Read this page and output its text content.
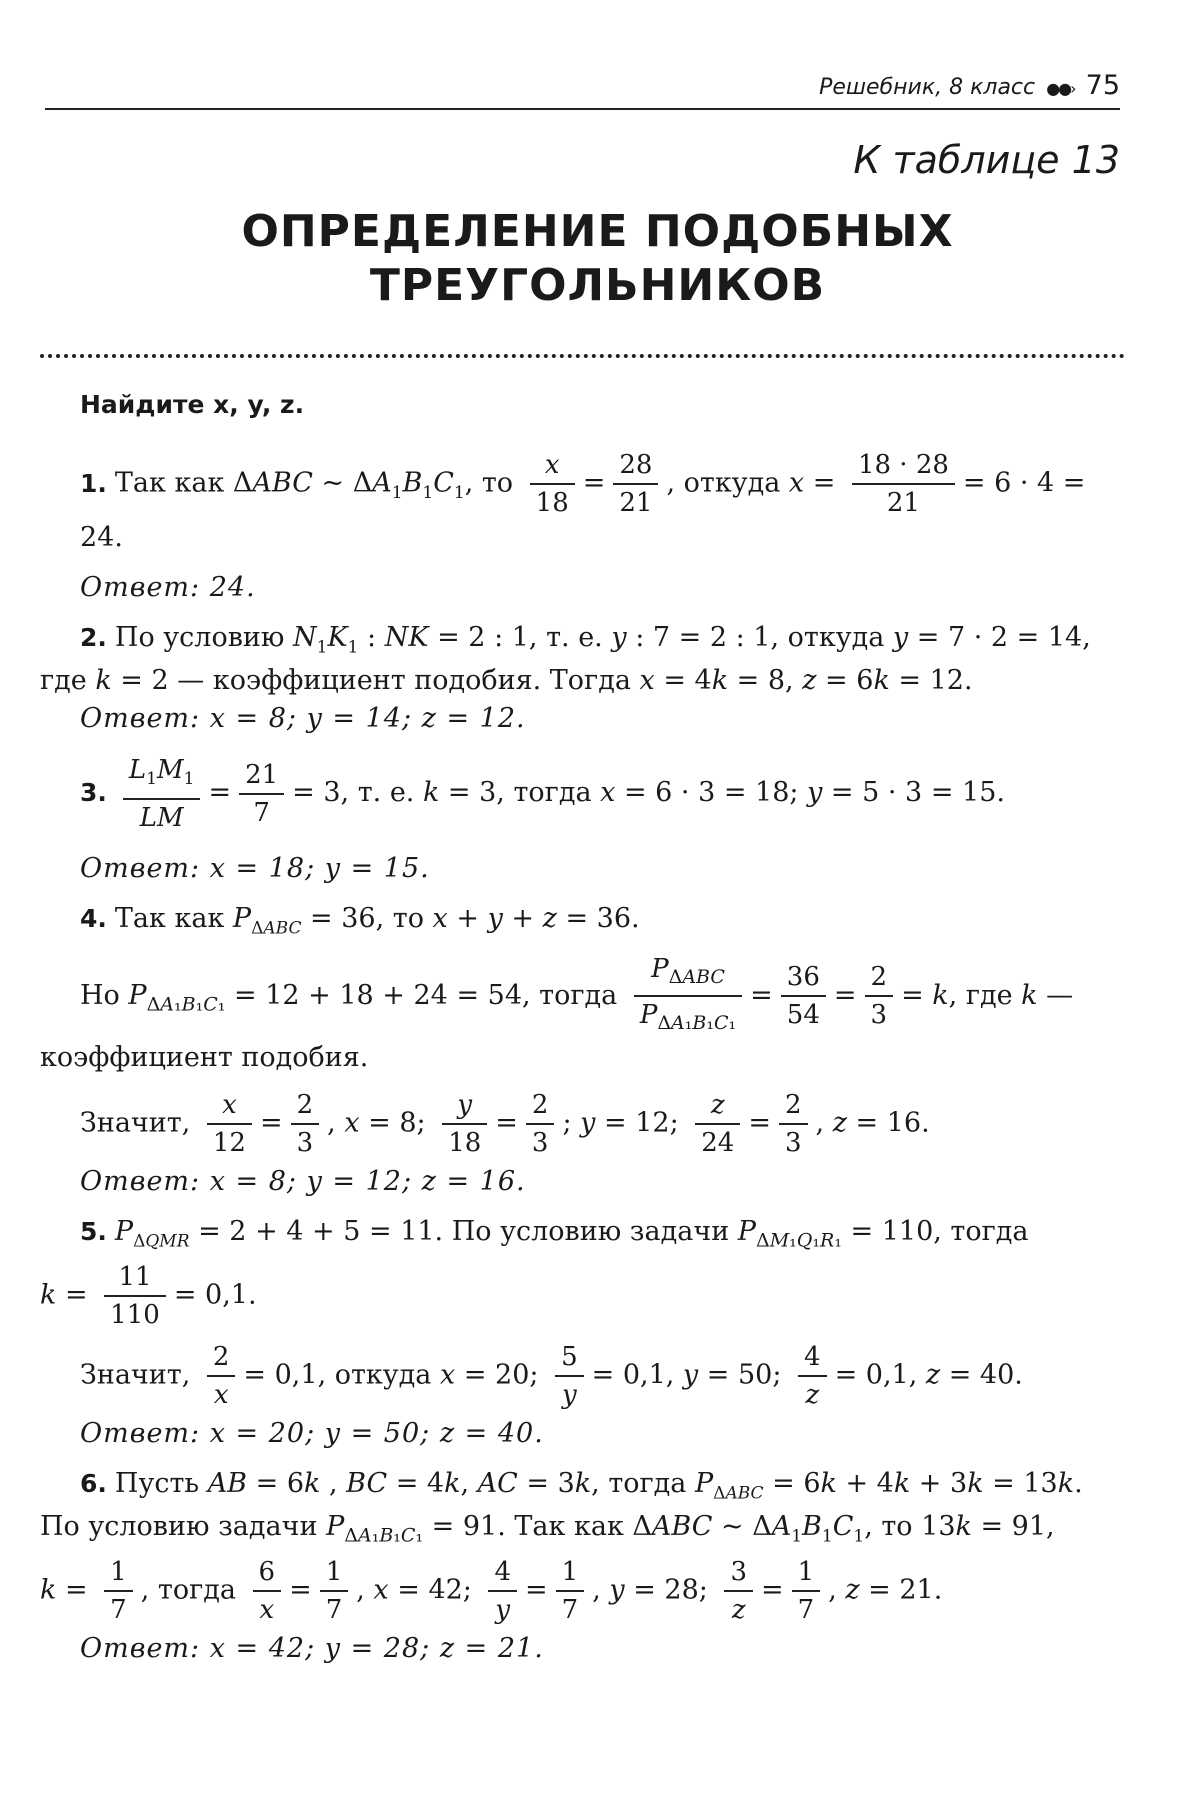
Решебник, 8 класс ●●› 75
К таблице 13
ОПРЕДЕЛЕНИЕ ПОДОБНЫХ
ТРЕУГОЛЬНИКОВ
Найдите x, y, z.
1. Так как ΔABC ~ $\Delta A_1B_1C_1$, то $\frac{x}{18} = \frac{28}{21}$ , откуда $x = \frac{18 \cdot 28}{21} = 6 \cdot 4 = 24$.
Ответ: 24.
2. По условию $N_1K_1$ : NK = 2 : 1, т. е. y : 7 = 2 : 1, откуда y = 7 · 2 = 14, где k = 2 — коэффициент подобия. Тогда x = 4k = 8, z = 6k = 12.
Ответ: x = 8; y = 14; z = 12.
3. $\frac{L_1M_1}{LM} = \frac{21}{7} = 3$, т. е. k = 3, тогда x = 6 · 3 = 18; y = 5 · 3 = 15.
Ответ: x = 18; y = 15.
4. Так как $P_{\Delta ABC} = 36$, то x + y + z = 36.
Но $P_{\Delta A_1B_1C_1} = 12 + 18 + 24 = 54$, тогда $\frac{P_{\Delta ABC}}{P_{\Delta A_1B_1C_1}} = \frac{36}{54} = \frac{2}{3} = k$, где k —
коэффициент подобия.
Значит, $\frac{x}{12} = \frac{2}{3}$ , x = 8; $\frac{y}{18} = \frac{2}{3}$ ; y = 12; $\frac{z}{24} = \frac{2}{3}$ , z = 16.
Ответ: x = 8; y = 12; z = 16.
5. $P_{\Delta QMR} = 2 + 4 + 5 = 11$. По условию задачи $P_{\Delta M_1Q_1R_1} = 110$, тогда
$k = \frac{11}{110} = 0,1$.
Значит, $\frac{2}{x} = 0,1$, откуда x = 20; $\frac{5}{y} = 0,1$, y = 50; $\frac{4}{z} = 0,1$, z = 40.
Ответ: x = 20; y = 50; z = 40.
6. Пусть AB = 6k , BC = 4k, AC = 3k, тогда $P_{\Delta ABC} = 6k + 4k + 3k = 13k$.
По условию задачи $P_{\Delta A_1B_1C_1} = 91$. Так как ΔABC ~ $\Delta A_1B_1C_1$, то 13k = 91,
$k = \frac{1}{7}$ , тогда $\frac{6}{x} = \frac{1}{7}$ , x = 42; $\frac{4}{y} = \frac{1}{7}$ , y = 28; $\frac{3}{z} = \frac{1}{7}$ , z = 21.
Ответ: x = 42; y = 28; z = 21.
